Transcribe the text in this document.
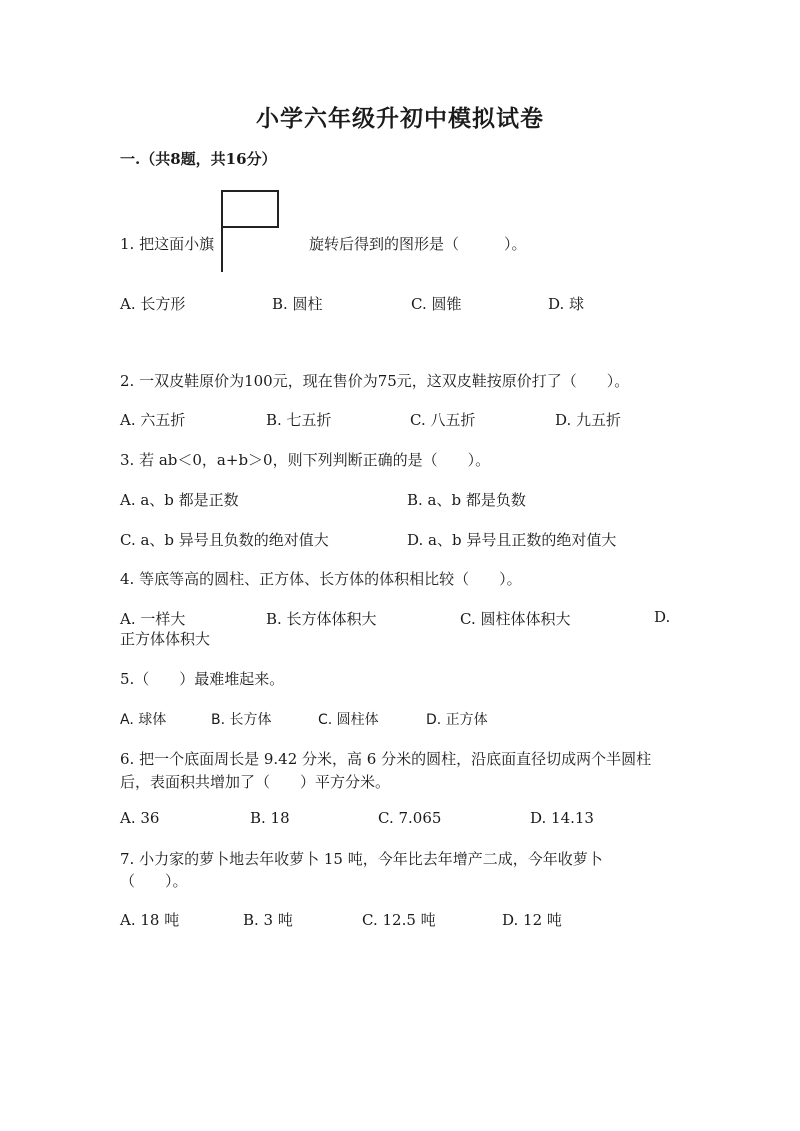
小学六年级升初中模拟试卷
一.（共8题，共16分）
1. 把这面小旗	旋转后得到的图形是（　　　）。
A. 长方形	B. 圆柱	C. 圆锥	D. 球
2. 一双皮鞋原价为100元，现在售价为75元，这双皮鞋按原价打了（　　）。
A. 六五折	B. 七五折	C. 八五折	D. 九五折
3. 若 ab＜0，a+b＞0，则下列判断正确的是（　　）。
A. a、b 都是正数	B. a、b 都是负数
C. a、b 异号且负数的绝对值大	D. a、b 异号且正数的绝对值大
4. 等底等高的圆柱、正方体、长方体的体积相比较（　　）。
A. 一样大	B. 长方体体积大	C. 圆柱体体积大	D.
正方体体积大
5.（　　）最难堆起来。
A. 球体	B. 长方体	C. 圆柱体	D. 正方体
6. 把一个底面周长是 9.42 分米，高 6 分米的圆柱，沿底面直径切成两个半圆柱
后，表面积共增加了（　　）平方分米。
A. 36	B. 18	C. 7.065	D. 14.13
7. 小力家的萝卜地去年收萝卜 15 吨，今年比去年增产二成，今年收萝卜
（　　）。
A. 18 吨	B. 3 吨	C. 12.5 吨	D. 12 吨
